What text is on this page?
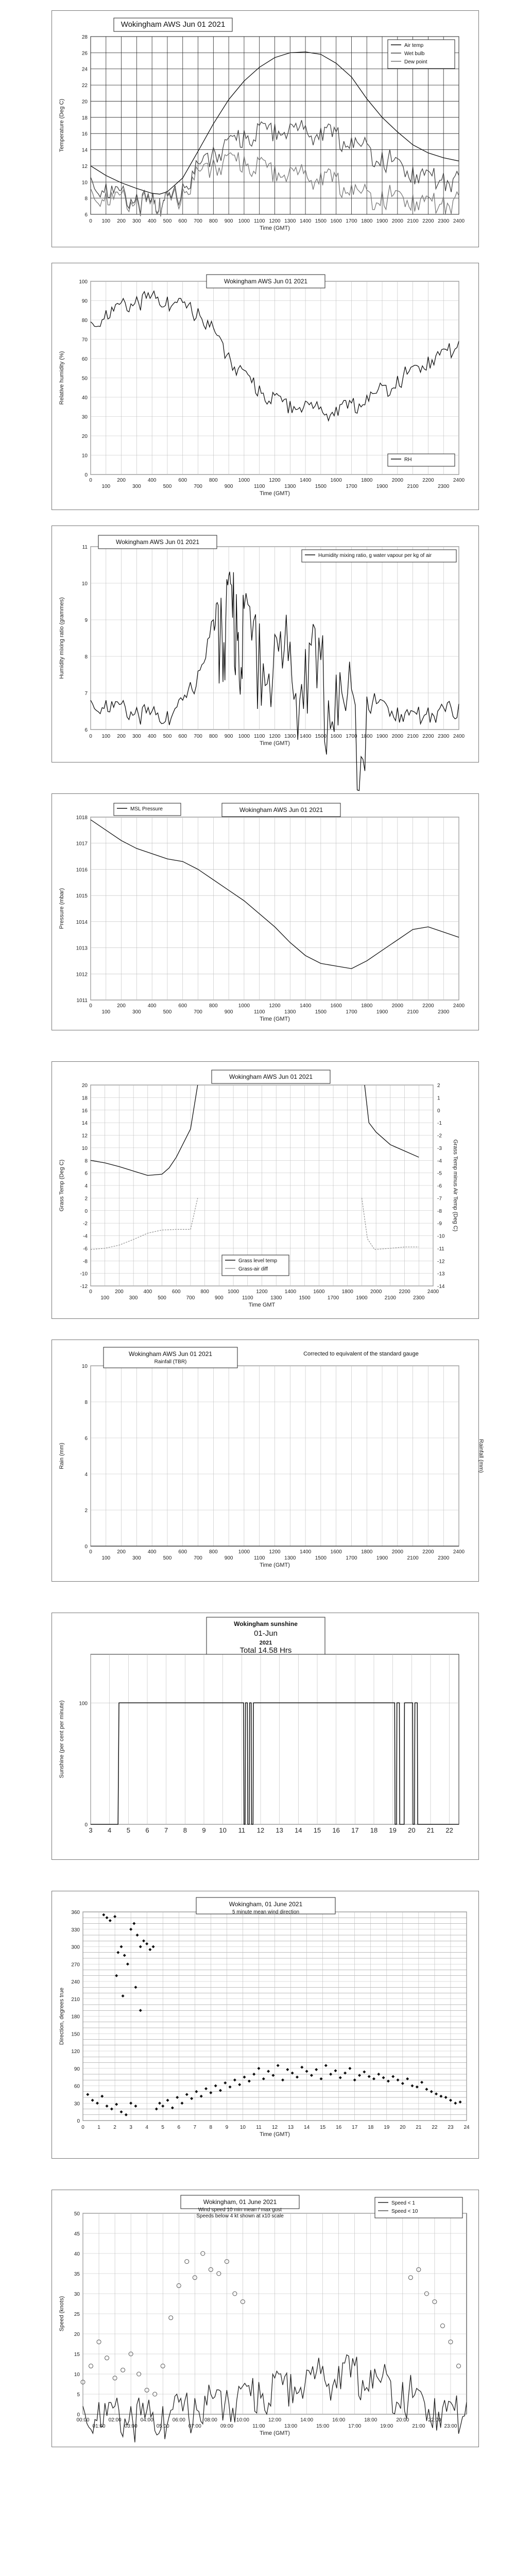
6
8
10
12
14
16
18
20
22
24
26
28
0 100 200 300 400 500 600 700 800 900 1000 1100 1200 1300 1400 1500 1600 1700 1800 1900 2000 2100 2200 2300 2400
Time (GMT)
Temperature (Deg C)
Wokingham AWS Jun 01 2021
Air temp
Wet bulb
Dew point
0
10
20
30
40
50
60
70
80
90
100
0	200	400	600	800	1000	1200	1400	1600	1800	2000	2200	2400
100	300	500	700	900	1100	1300	1500	1700	1900	2100	2300
Time (GMT)
Relative humidity (%)
Wokingham AWS Jun 01 2021
RH
6
7
8
9
10
11
0 100 200 300 400 500 600 700 800 900 1000 1100 1200 1300 1400 1500 1600 1700 1800 1900 2000 2100 2200 2300 2400
Time (GMT)
Humidity mixing ratio (grammes)
Wokingham AWS Jun 01 2021
Humidity mixing ratio, g water vapour per kg of air
1011
1012
1013
1014
1015
1016
1017
1018
0	200	400	600	800	1000	1200	1400	1600	1800	2000	2200	2400
100	300	500	700	900	1100	1300	1500	1700	1900	2100	2300
Time (GMT)
Pressure (mbar)
Wokingham AWS Jun 01 2021
MSL Pressure
-12
-10
-8
-6
-4
-2
0
2
4
6
8
10
12
14
16
18
20
-14
-13
-12
-11
-10
-9
-8
-7
-6
-5
-4
-3
-2
-1
0
1
2
0	200	400	600	800	1000	1200	1400	1600	1800	2000	2200	2400
100	300	500	700	900	1100	1300	1500	1700	1900	2100	2300
Time GMT
Grass Temp (Deg C)	Grass Temp minus Air Temp (Deg C)
Wokingham AWS Jun 01 2021
Grass level temp
Grass-air diff
0
2
4
6
8
10
0	200	400	600	800	1000	1200	1400	1600	1800	2000	2200	2400
100	300	500	700	900	1100	1300	1500	1700	1900	2100	2300
Time (GMT)
Rain (mm)	Rainfall (mm)
Wokingham AWS Jun 01 2021
Rainfall (TBR)
Corrected to equivalent of the standard gauge
0
100
3 4 5 6 7 8 9 10 11 12 13 14 15 16 17 18 19 20 21 22
Sunshine (per cent per minute)
Wokingham sunshine
01-Jun
2021
Total 14.58 Hrs
0
30
60
90
120
150
180
210
240
270
300
330
360
0	1	2	3	4	5	6	7	8	9 10 11 12 13 14 15 16 17 18 19 20 21 22 23 24
Time (GMT)
Direction, degrees true
Wokingham, 01 June 2021
5 minute mean wind direction
0
5
10
15
20
25
30
35
40
45
50
00:00	02:00	04:00	06:00	08:00	10:00	12:00	14:00	16:00	18:00	20:00	22:00
01:00	03:00	05:00	07:00	09:00	11:00	13:00	15:00	17:00	19:00	21:00	23:00
Time (GMT)
Speed (knots)
Wokingham, 01 June 2021
Wind speed 10 min mean / max gust
Speeds below 4 kt shown at x10 scale
Speed < 1
Speed < 10
